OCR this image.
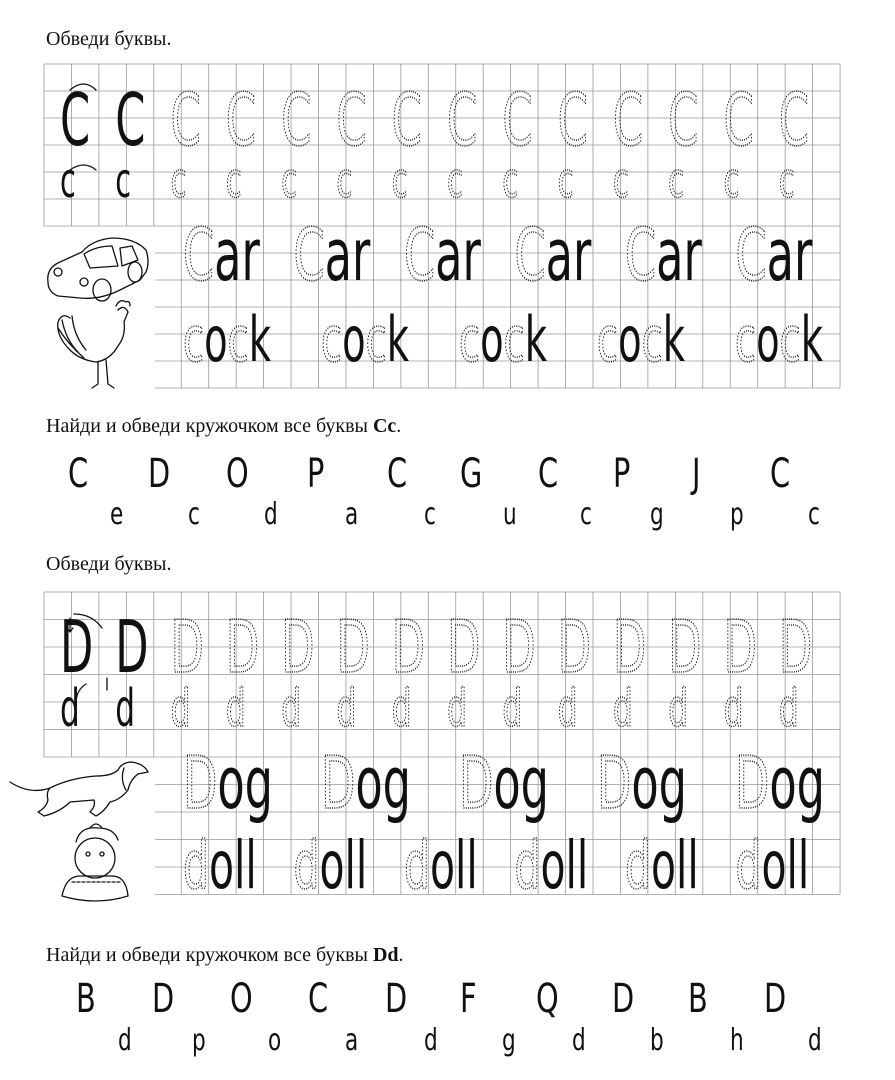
Обведи буквы.
Найди и обведи кружочком все буквы Cc.
Обведи буквы.
Найди и обведи кружочком все буквы Dd.
C C C C C C C C C C C C C C
c c c c c c c c c c c c c c
Car Car Car Car Car Car
cock cock cock cock cock
C D O P C G C P J C
e c d a c u c g p c
D D D D D D D D D D D D D D
d d d d d d d d d d d d d d
Dog Dog Dog Dog Dog
doll doll doll doll doll doll
B D O C D F Q D B D
d p o a d g d b h d
